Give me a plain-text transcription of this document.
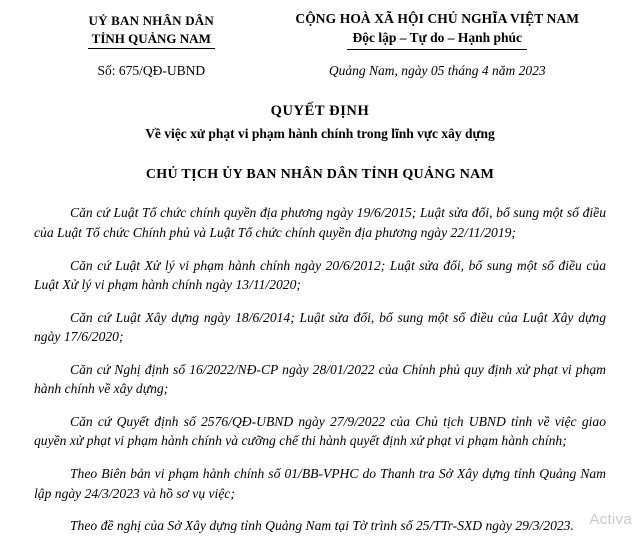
UỶ BAN NHÂN DÂN
TỈNH QUẢNG NAM
CỘNG HOÀ XÃ HỘI CHỦ NGHĨA VIỆT NAM
Độc lập – Tự do – Hạnh phúc
Số: 675/QĐ-UBND	Quảng Nam, ngày 05 tháng 4 năm 2023
QUYẾT ĐỊNH
Về việc xử phạt vi phạm hành chính trong lĩnh vực xây dựng
CHỦ TỊCH ỦY BAN NHÂN DÂN TỈNH QUẢNG NAM

Căn cứ Luật Tổ chức chính quyền địa phương ngày 19/6/2015; Luật sửa đổi, bổ sung một số điều của Luật Tổ chức Chính phủ và Luật Tổ chức chính quyền địa phương ngày 22/11/2019;

Căn cứ Luật Xử lý vi phạm hành chính ngày 20/6/2012; Luật sửa đổi, bổ sung một số điều của Luật Xử lý vi phạm hành chính ngày 13/11/2020;

Căn cứ Luật Xây dựng ngày 18/6/2014; Luật sửa đổi, bổ sung một số điều của Luật Xây dựng ngày 17/6/2020;

Căn cứ Nghị định số 16/2022/NĐ-CP ngày 28/01/2022 của Chính phủ quy định xử phạt vi phạm hành chính về xây dựng;

Căn cứ Quyết định số 2576/QĐ-UBND ngày 27/9/2022 của Chủ tịch UBND tỉnh về việc giao quyền xử phạt vi phạm hành chính và cưỡng chế thi hành quyết định xử phạt vi phạm hành chính;

Theo Biên bản vi phạm hành chính số 01/BB-VPHC do Thanh tra Sở Xây dựng tỉnh Quảng Nam lập ngày 24/3/2023 và hồ sơ vụ việc;

Theo đề nghị của Sở Xây dựng tỉnh Quảng Nam tại Tờ trình số 25/TTr-SXD ngày 29/3/2023.	Activa
